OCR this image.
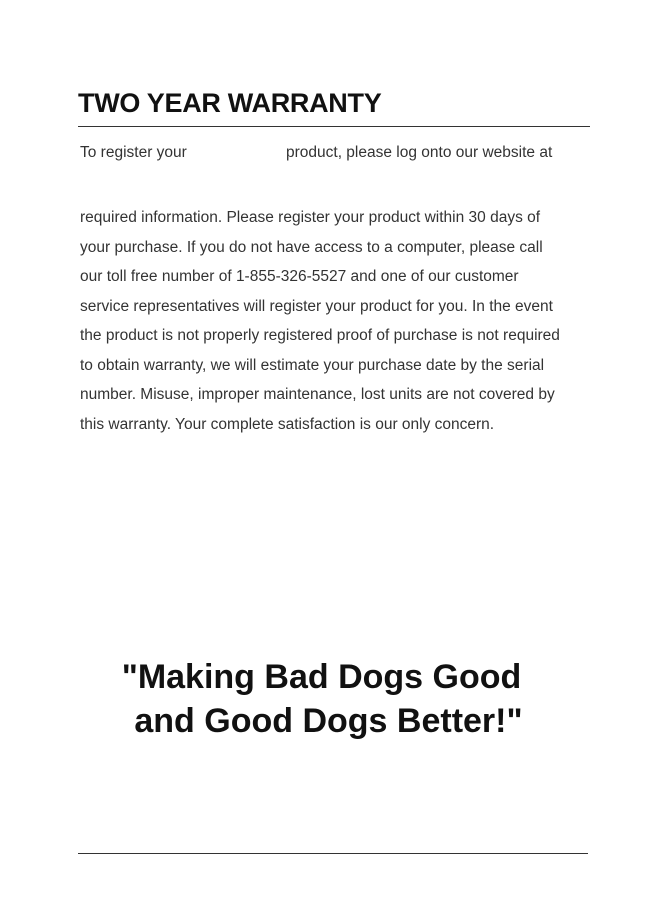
TWO YEAR WARRANTY
To register your	product, please log onto our website at
required information. Please register your product within 30 days of
your purchase. If you do not have access to a computer, please call
our toll free number of 1-855-326-5527 and one of our customer
service representatives will register your product for you. In the event
the product is not properly registered proof of purchase is not required
to obtain warranty, we will estimate your purchase date by the serial
number. Misuse, improper maintenance, lost units are not covered by
this warranty. Your complete satisfaction is our only concern.
"Making Bad Dogs Good
and Good Dogs Better!"
